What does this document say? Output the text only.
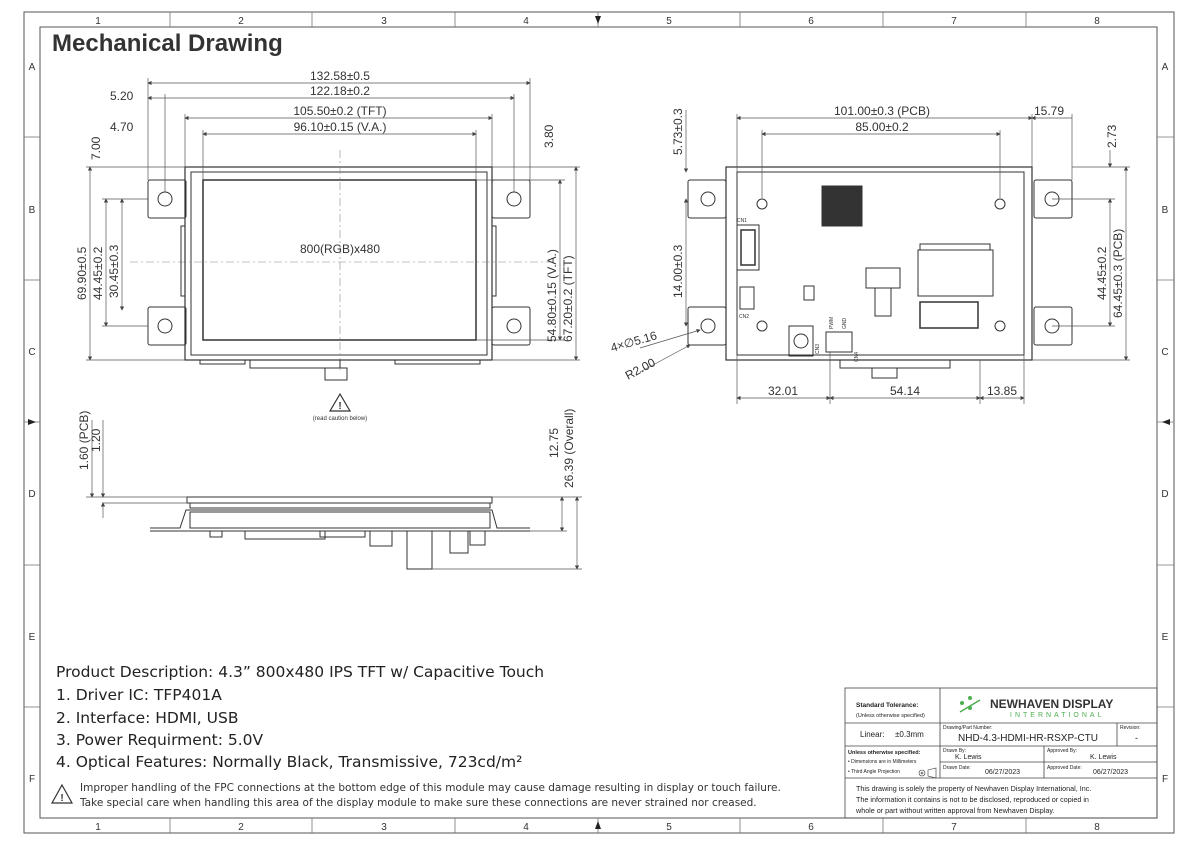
1	2	3	4	5	6	7	8
1	2	3	4	5	6	7	8
A
B
C
D
E
F
A
B
C
D
E
F
132.58±0.5
122.18±0.2
105.50±0.2 (TFT)
96.10±0.15 (V.A.)
5.20
4.70
7.00
3.80
69.90±0.5 44.45±0.2 30.45±0.3	54.80±0.15 (V.A.) 67.20±0.2 (TFT)
800(RGB)x480
!
(read caution below)
1.60 (PCB)
1.20	12.75 26.39 (Overall)
101.00±0.3 (PCB)
85.00±0.2
15.79
5.73±0.3	2.73
14.00±0.3	44.45±0.2 64.45±0.3 (PCB)
4×∅5.16
R2.00
32.01	54.14	13.85
CN1
CN2
CN3
PWM GND
CN4
Standard Tolerance:
(Unless otherwise specified)
Linear: ±0.3mm
NEWHAVEN DISPLAY
INTERNATIONAL
Drawing/Part Number:
NHD-4.3-HDMI-HR-RSXP-CTU
Revision:
-
Unless otherwise specified:
• Dimensions are in Millimeters
• Third Angle Projection
Drawn By:
K. Lewis
Approved By:
K. Lewis
Drawn Date:
06/27/2023
Approved Date:
06/27/2023
This drawing is solely the property of Newhaven Display International, Inc.
The information it contains is not to be disclosed, reproduced or copied in
whole or part without written approval from Newhaven Display.
!
Mechanical Drawing
Product Description: 4.3” 800x480 IPS TFT w/ Capacitive Touch
1. Driver IC: TFP401A
2. Interface: HDMI, USB
3. Power Requirment: 5.0V
4. Optical Features: Normally Black, Transmissive, 723cd/m²
Improper handling of the FPC connections at the bottom edge of this module may cause damage resulting in display or touch failure.
Take special care when handling this area of the display module to make sure these connections are never strained nor creased.
